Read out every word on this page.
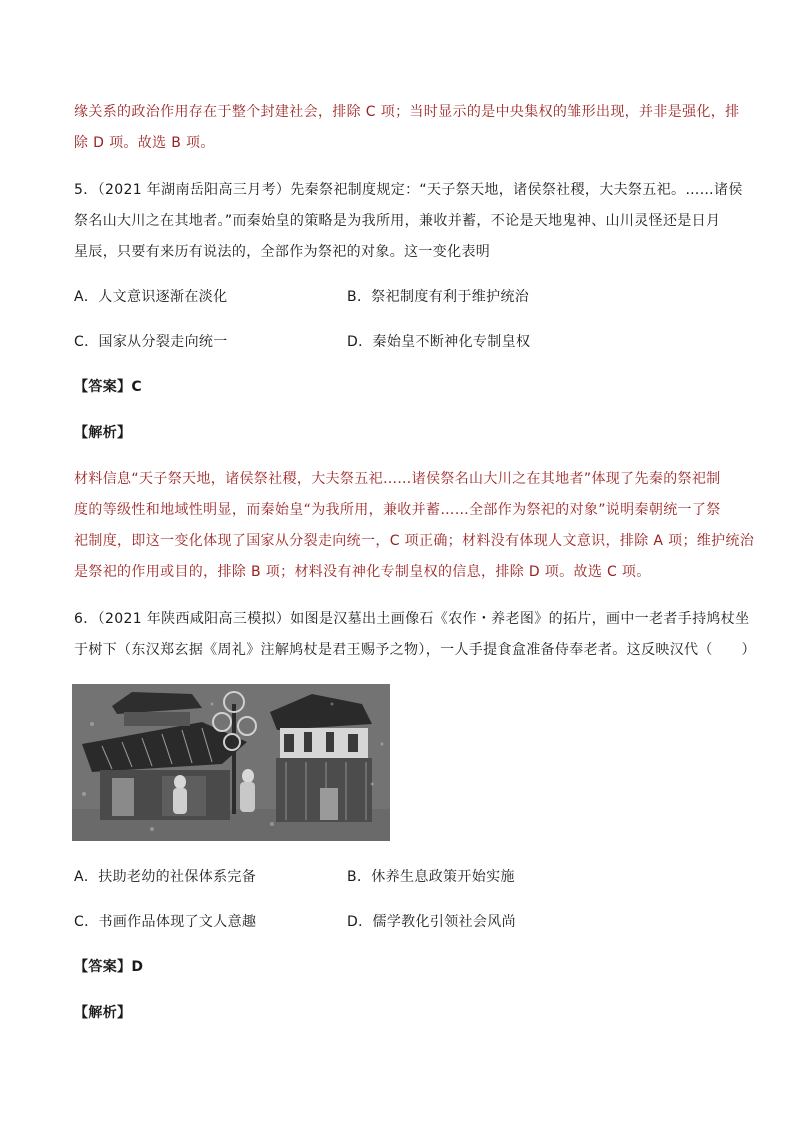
缘关系的政治作用存在于整个封建社会，排除 C 项；当时显示的是中央集权的雏形出现，并非是强化，排
除 D 项。故选 B 项。
5．（2021 年湖南岳阳高三月考）先秦祭祀制度规定：“天子祭天地，诸侯祭社稷，大夫祭五祀。……诸侯
祭名山大川之在其地者。”而秦始皇的策略是为我所用，兼收并蓄，不论是天地鬼神、山川灵怪还是日月
星辰，只要有来历有说法的，全部作为祭祀的对象。这一变化表明
A．人文意识逐渐在淡化	B．祭祀制度有利于维护统治
C．国家从分裂走向统一	D．秦始皇不断神化专制皇权
【答案】C
【解析】
材料信息“天子祭天地，诸侯祭社稷，大夫祭五祀……诸侯祭名山大川之在其地者”体现了先秦的祭祀制
度的等级性和地域性明显，而秦始皇“为我所用，兼收并蓄……全部作为祭祀的对象”说明秦朝统一了祭
祀制度，即这一变化体现了国家从分裂走向统一，C 项正确；材料没有体现人文意识，排除 A 项；维护统治
是祭祀的作用或目的，排除 B 项；材料没有神化专制皇权的信息，排除 D 项。故选 C 项。
6．（2021 年陕西咸阳高三模拟）如图是汉墓出土画像石《农作・养老图》的拓片，画中一老者手持鸠杖坐
于树下（东汉郑玄据《周礼》注解鸠杖是君王赐予之物），一人手提食盒准备侍奉老者。这反映汉代（　　）
A．扶助老幼的社保体系完备	B．休养生息政策开始实施
C．书画作品体现了文人意趣	D．儒学教化引领社会风尚
【答案】D
【解析】
